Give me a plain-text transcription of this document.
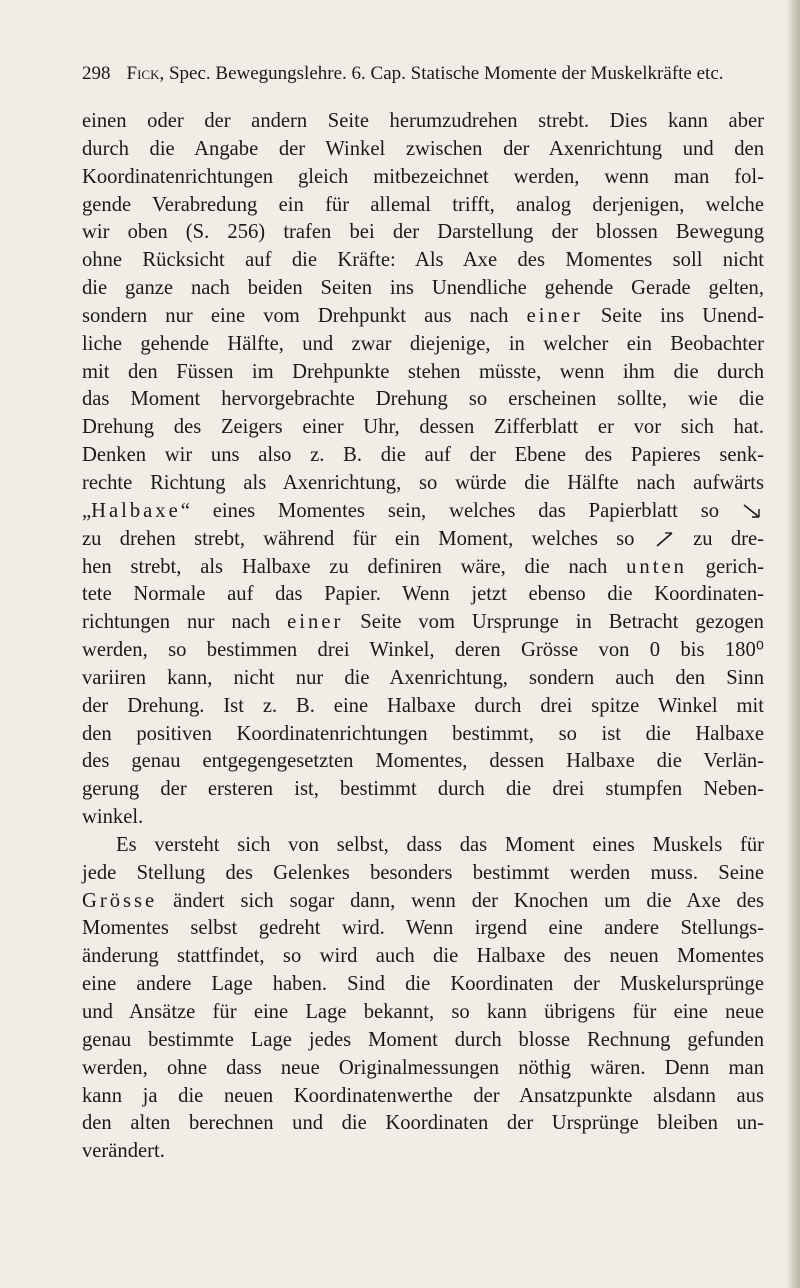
298 Fick, Spec. Bewegungslehre. 6. Cap. Statische Momente der Muskelkräfte etc.
einen oder der andern Seite herumzudrehen strebt. Dies kann aber
durch die Angabe der Winkel zwischen der Axenrichtung und den
Koordinatenrichtungen gleich mitbezeichnet werden, wenn man fol-
gende Verabredung ein für allemal trifft, analog derjenigen, welche
wir oben (S. 256) trafen bei der Darstellung der blossen Bewegung
ohne Rücksicht auf die Kräfte: Als Axe des Momentes soll nicht
die ganze nach beiden Seiten ins Unendliche gehende Gerade gelten,
sondern nur eine vom Drehpunkt aus nach einer Seite ins Unend-
liche gehende Hälfte, und zwar diejenige, in welcher ein Beobachter
mit den Füssen im Drehpunkte stehen müsste, wenn ihm die durch
das Moment hervorgebrachte Drehung so erscheinen sollte, wie die
Drehung des Zeigers einer Uhr, dessen Zifferblatt er vor sich hat.
Denken wir uns also z. B. die auf der Ebene des Papieres senk-
rechte Richtung als Axenrichtung, so würde die Hälfte nach aufwärts
„Halbaxe“ eines Momentes sein, welches das Papierblatt so
zu drehen strebt, während für ein Moment, welches so	zu dre-
hen strebt, als Halbaxe zu definiren wäre, die nach unten gerich-
tete Normale auf das Papier. Wenn jetzt ebenso die Koordinaten-
richtungen nur nach einer Seite vom Ursprunge in Betracht gezogen
werden, so bestimmen drei Winkel, deren Grösse von 0 bis 180⁰
variiren kann, nicht nur die Axenrichtung, sondern auch den Sinn
der Drehung. Ist z. B. eine Halbaxe durch drei spitze Winkel mit
den positiven Koordinatenrichtungen bestimmt, so ist die Halbaxe
des genau entgegengesetzten Momentes, dessen Halbaxe die Verlän-
gerung der ersteren ist, bestimmt durch die drei stumpfen Neben-
winkel.
Es versteht sich von selbst, dass das Moment eines Muskels für
jede Stellung des Gelenkes besonders bestimmt werden muss. Seine
Grösse ändert sich sogar dann, wenn der Knochen um die Axe des
Momentes selbst gedreht wird. Wenn irgend eine andere Stellungs-
änderung stattfindet, so wird auch die Halbaxe des neuen Momentes
eine andere Lage haben. Sind die Koordinaten der Muskelursprünge
und Ansätze für eine Lage bekannt, so kann übrigens für eine neue
genau bestimmte Lage jedes Moment durch blosse Rechnung gefunden
werden, ohne dass neue Originalmessungen nöthig wären. Denn man
kann ja die neuen Koordinatenwerthe der Ansatzpunkte alsdann aus
den alten berechnen und die Koordinaten der Ursprünge bleiben un-
verändert.
